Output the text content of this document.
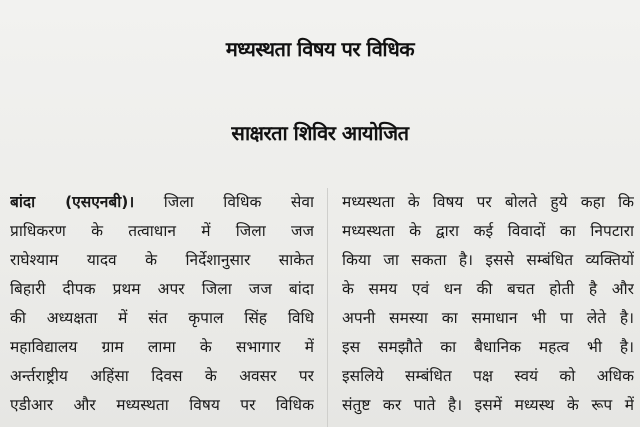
मध्यस्थता विषय पर विधिक
साक्षरता शिविर आयोजित
बांदा (एसएनबी)। जिला विधिक सेवा
प्राधिकरण के तत्वाधान में जिला जज
राघेश्याम यादव के निर्देशानुसार साकेत
बिहारी दीपक प्रथम अपर जिला जज बांदा
की अध्यक्षता में संत कृपाल सिंह विधि
महाविद्यालय ग्राम लामा के सभागार में
अर्न्तराष्ट्रीय अहिंसा दिवस के अवसर पर
एडीआर और मध्यस्थता विषय पर विधिक
मध्यस्थता के विषय पर बोलते हुये कहा कि
मध्यस्थता के द्वारा कई विवादों का निपटारा
किया जा सकता है। इससे सम्बंधित व्यक्तियों
के समय एवं धन की बचत होती है और
अपनी समस्या का समाधान भी पा लेते है।
इस समझौते का बैधानिक महत्व भी है।
इसलिये सम्बंधित पक्ष स्वयं को अधिक
संतुष्ट कर पाते है। इसमें मध्यस्थ के रूप में
